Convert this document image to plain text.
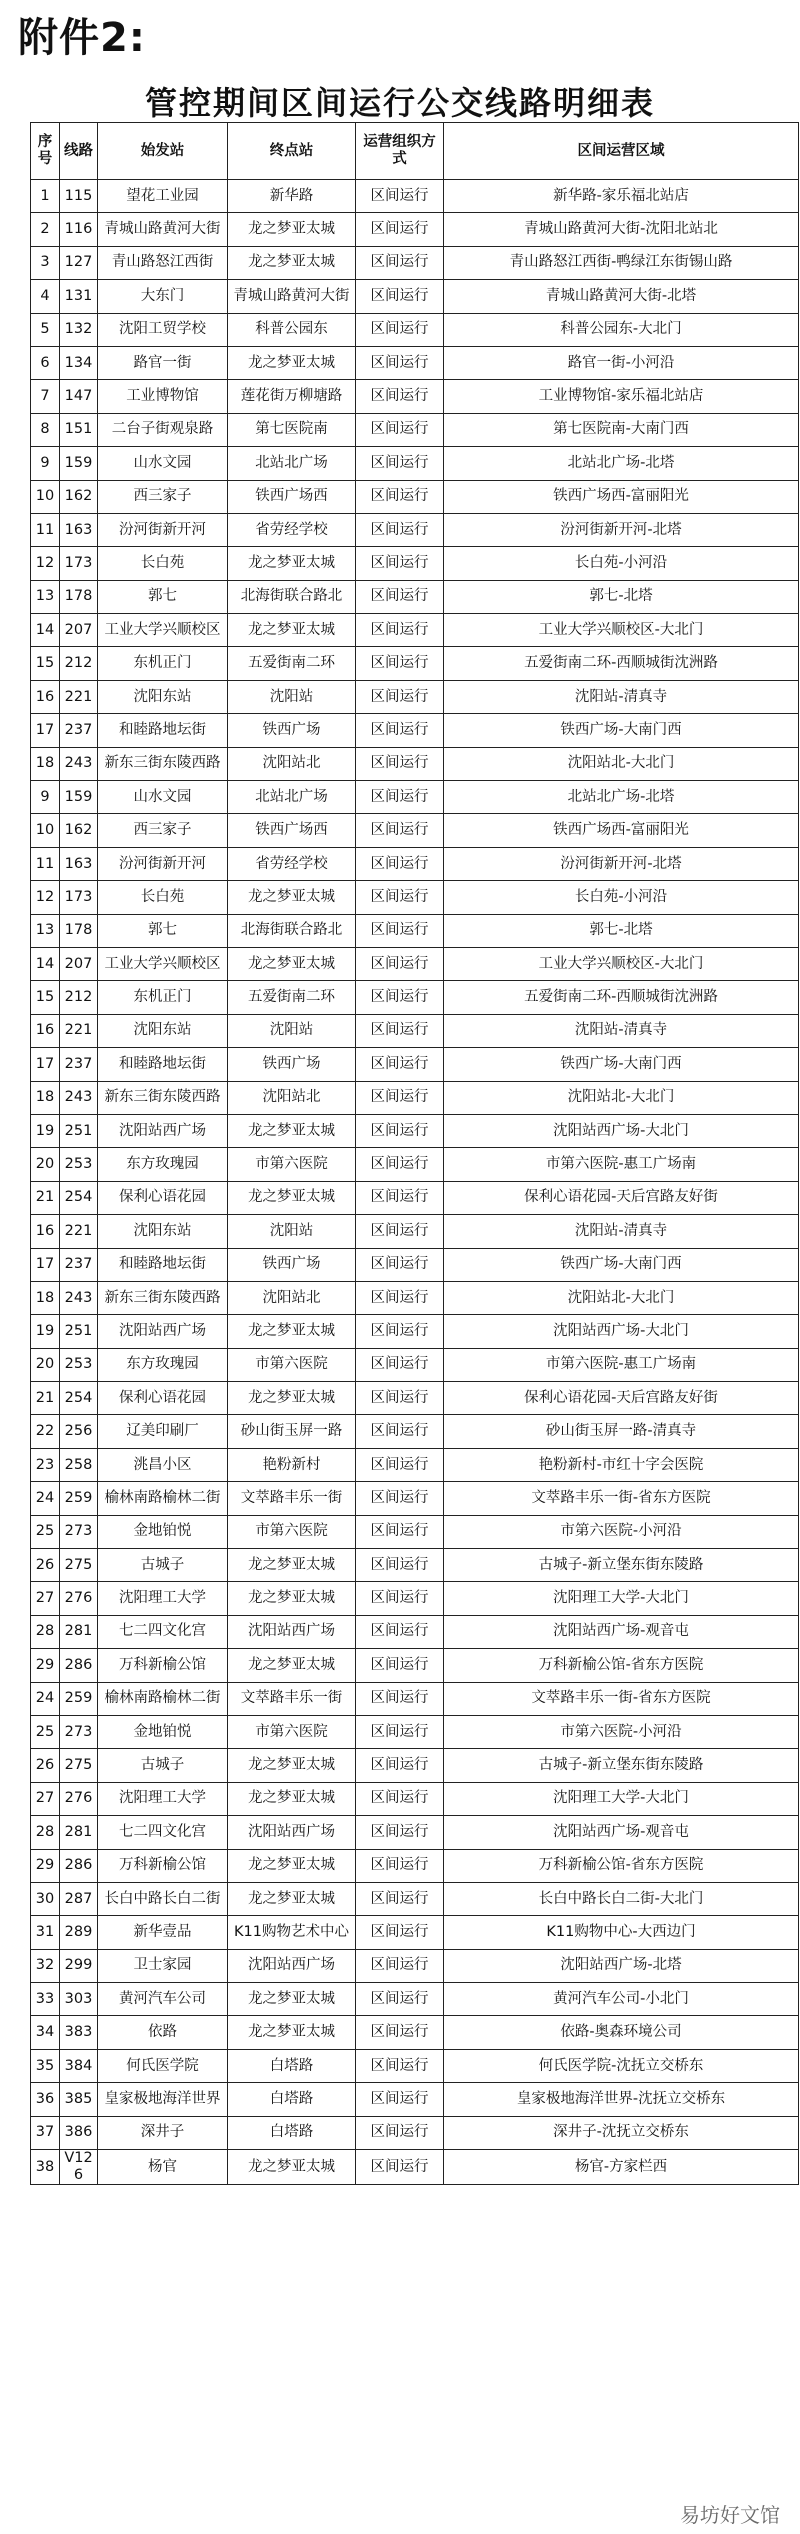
附件2:
管控期间区间运行公交线路明细表
序号	线路	始发站	终点站	运营组织方式	区间运营区域
1	115	望花工业园	新华路	区间运行	新华路-家乐福北站店
2	116	青城山路黄河大街	龙之梦亚太城	区间运行	青城山路黄河大街-沈阳北站北
3	127	青山路怒江西街	龙之梦亚太城	区间运行	青山路怒江西街-鸭绿江东街锡山路
4	131	大东门	青城山路黄河大街	区间运行	青城山路黄河大街-北塔
5	132	沈阳工贸学校	科普公园东	区间运行	科普公园东-大北门
6	134	路官一街	龙之梦亚太城	区间运行	路官一街-小河沿
7	147	工业博物馆	莲花街万柳塘路	区间运行	工业博物馆-家乐福北站店
8	151	二台子街观泉路	第七医院南	区间运行	第七医院南-大南门西
9	159	山水文园	北站北广场	区间运行	北站北广场-北塔
10	162	西三家子	铁西广场西	区间运行	铁西广场西-富丽阳光
11	163	汾河街新开河	省劳经学校	区间运行	汾河街新开河-北塔
12	173	长白苑	龙之梦亚太城	区间运行	长白苑-小河沿
13	178	郭七	北海街联合路北	区间运行	郭七-北塔
14	207	工业大学兴顺校区	龙之梦亚太城	区间运行	工业大学兴顺校区-大北门
15	212	东机正门	五爱街南二环	区间运行	五爱街南二环-西顺城街沈洲路
16	221	沈阳东站	沈阳站	区间运行	沈阳站-清真寺
17	237	和睦路地坛街	铁西广场	区间运行	铁西广场-大南门西
18	243	新东三街东陵西路	沈阳站北	区间运行	沈阳站北-大北门
9	159	山水文园	北站北广场	区间运行	北站北广场-北塔
10	162	西三家子	铁西广场西	区间运行	铁西广场西-富丽阳光
11	163	汾河街新开河	省劳经学校	区间运行	汾河街新开河-北塔
12	173	长白苑	龙之梦亚太城	区间运行	长白苑-小河沿
13	178	郭七	北海街联合路北	区间运行	郭七-北塔
14	207	工业大学兴顺校区	龙之梦亚太城	区间运行	工业大学兴顺校区-大北门
15	212	东机正门	五爱街南二环	区间运行	五爱街南二环-西顺城街沈洲路
16	221	沈阳东站	沈阳站	区间运行	沈阳站-清真寺
17	237	和睦路地坛街	铁西广场	区间运行	铁西广场-大南门西
18	243	新东三街东陵西路	沈阳站北	区间运行	沈阳站北-大北门
19	251	沈阳站西广场	龙之梦亚太城	区间运行	沈阳站西广场-大北门
20	253	东方玫瑰园	市第六医院	区间运行	市第六医院-惠工广场南
21	254	保利心语花园	龙之梦亚太城	区间运行	保利心语花园-天后宫路友好街
16	221	沈阳东站	沈阳站	区间运行	沈阳站-清真寺
17	237	和睦路地坛街	铁西广场	区间运行	铁西广场-大南门西
18	243	新东三街东陵西路	沈阳站北	区间运行	沈阳站北-大北门
19	251	沈阳站西广场	龙之梦亚太城	区间运行	沈阳站西广场-大北门
20	253	东方玫瑰园	市第六医院	区间运行	市第六医院-惠工广场南
21	254	保利心语花园	龙之梦亚太城	区间运行	保利心语花园-天后宫路友好街
22	256	辽美印刷厂	砂山街玉屏一路	区间运行	砂山街玉屏一路-清真寺
23	258	洮昌小区	艳粉新村	区间运行	艳粉新村-市红十字会医院
24	259	榆林南路榆林二街	文萃路丰乐一街	区间运行	文萃路丰乐一街-省东方医院
25	273	金地铂悦	市第六医院	区间运行	市第六医院-小河沿
26	275	古城子	龙之梦亚太城	区间运行	古城子-新立堡东街东陵路
27	276	沈阳理工大学	龙之梦亚太城	区间运行	沈阳理工大学-大北门
28	281	七二四文化宫	沈阳站西广场	区间运行	沈阳站西广场-观音屯
29	286	万科新榆公馆	龙之梦亚太城	区间运行	万科新榆公馆-省东方医院
24	259	榆林南路榆林二街	文萃路丰乐一街	区间运行	文萃路丰乐一街-省东方医院
25	273	金地铂悦	市第六医院	区间运行	市第六医院-小河沿
26	275	古城子	龙之梦亚太城	区间运行	古城子-新立堡东街东陵路
27	276	沈阳理工大学	龙之梦亚太城	区间运行	沈阳理工大学-大北门
28	281	七二四文化宫	沈阳站西广场	区间运行	沈阳站西广场-观音屯
29	286	万科新榆公馆	龙之梦亚太城	区间运行	万科新榆公馆-省东方医院
30	287	长白中路长白二街	龙之梦亚太城	区间运行	长白中路长白二街-大北门
31	289	新华壹品	K11购物艺术中心	区间运行	K11购物中心-大西边门
32	299	卫士家园	沈阳站西广场	区间运行	沈阳站西广场-北塔
33	303	黄河汽车公司	龙之梦亚太城	区间运行	黄河汽车公司-小北门
34	383	依路	龙之梦亚太城	区间运行	依路-奥森环境公司
35	384	何氏医学院	白塔路	区间运行	何氏医学院-沈抚立交桥东
36	385	皇家极地海洋世界	白塔路	区间运行	皇家极地海洋世界-沈抚立交桥东
37	386	深井子	白塔路	区间运行	深井子-沈抚立交桥东
38	V126	杨官	龙之梦亚太城	区间运行	杨官-方家栏西
易坊好文馆
